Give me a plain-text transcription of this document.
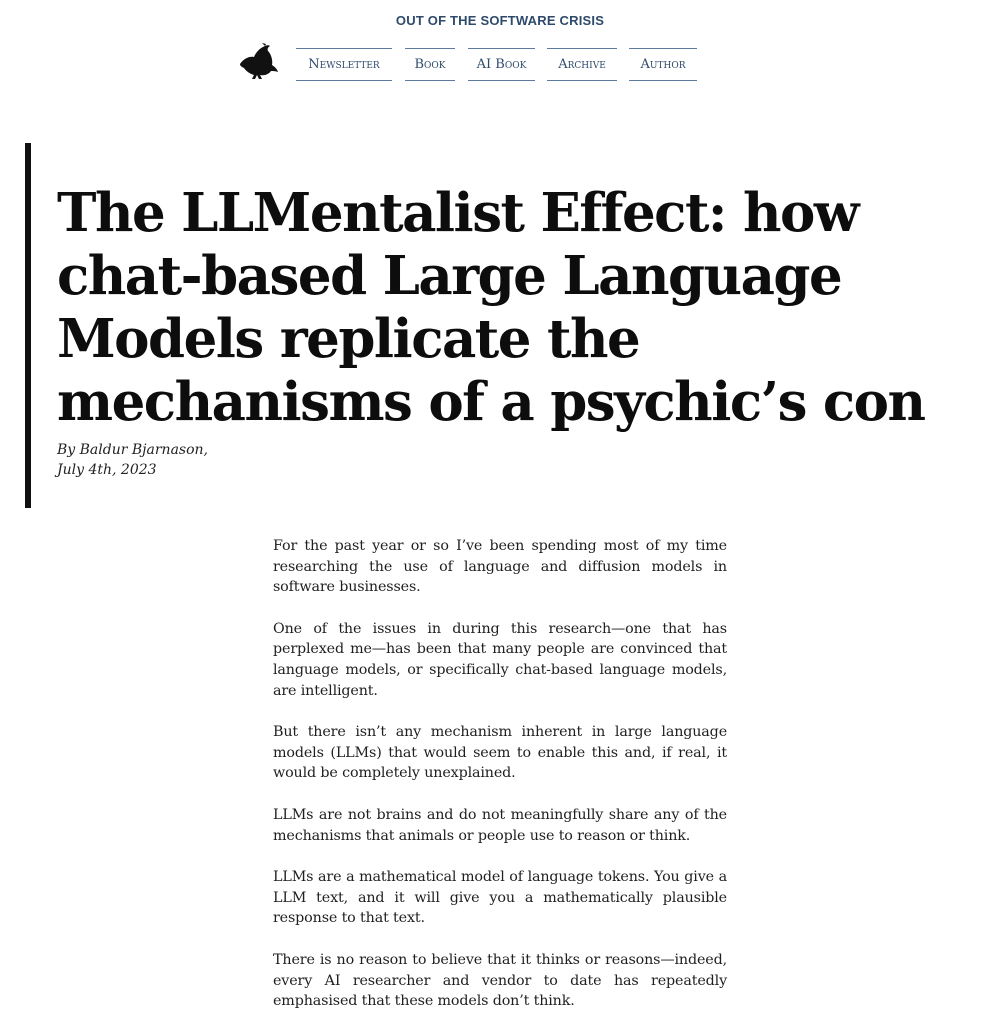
OUT OF THE SOFTWARE CRISIS
Newsletter	Book	AI Book	Archive	Author
The LLMentalist Effect: how chat-based Large Language Models replicate the mechanisms of a psychic’s con
By Baldur Bjarnason,
July 4th, 2023

For the past year or so I’ve been spending most of my time researching the use of language and diffusion models in software businesses.

One of the issues in during this research—one that has perplexed me—has been that many people are convinced that language models, or specifically chat-based language models, are intelligent.

But there isn’t any mechanism inherent in large language models (LLMs) that would seem to enable this and, if real, it would be completely unexplained.

LLMs are not brains and do not meaningfully share any of the mechanisms that animals or people use to reason or think.

LLMs are a mathematical model of language tokens. You give a LLM text, and it will give you a mathematically plausible response to that text.

There is no reason to believe that it thinks or reasons—indeed, every AI researcher and vendor to date has repeatedly emphasised that these models don’t think.
